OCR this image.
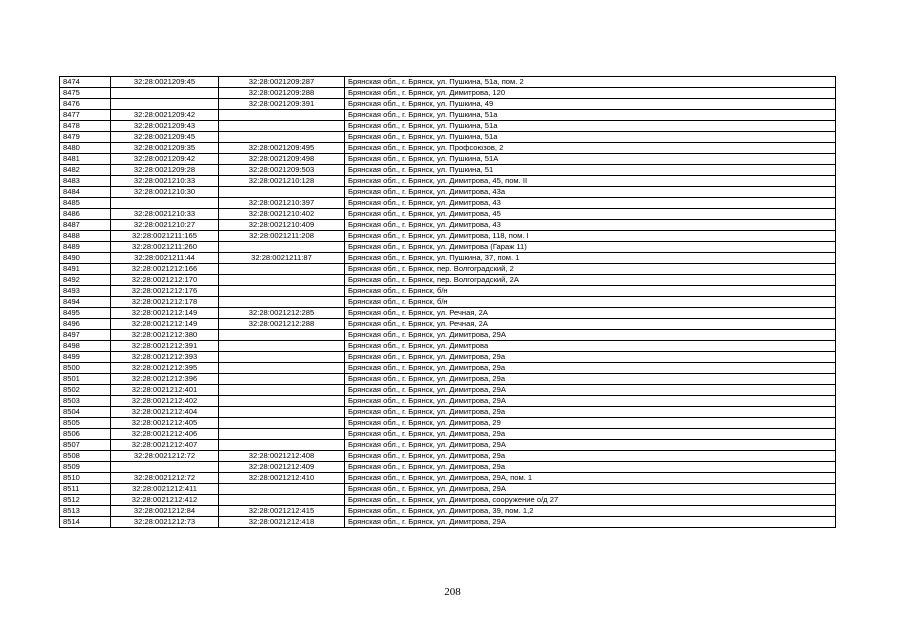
8474	32:28:0021209:45	32:28:0021209:287	Брянская обл., г. Брянск, ул. Пушкина, 51а, пом. 2
8475		32:28:0021209:288	Брянская обл., г. Брянск, ул. Димитрова, 120
8476		32:28:0021209:391	Брянская обл., г. Брянск, ул. Пушкина, 49
8477	32:28:0021209:42		Брянская обл., г. Брянск, ул. Пушкина, 51а
8478	32:28:0021209:43		Брянская обл., г. Брянск, ул. Пушкина, 51а
8479	32:28:0021209:45		Брянская обл., г. Брянск, ул. Пушкина, 51а
8480	32:28:0021209:35	32:28:0021209:495	Брянская обл., г. Брянск, ул. Профсоюзов, 2
8481	32:28:0021209:42	32:28:0021209:498	Брянская обл., г. Брянск, ул. Пушкина, 51А
8482	32:28:0021209:28	32:28:0021209:503	Брянская обл., г. Брянск, ул. Пушкина, 51
8483	32:28:0021210:33	32:28:0021210:128	Брянская обл., г. Брянск, ул. Димитрова, 45, пом. II
8484	32:28:0021210:30		Брянская обл., г. Брянск, ул. Димитрова, 43а
8485		32:28:0021210:397	Брянская обл., г. Брянск, ул. Димитрова, 43
8486	32:28:0021210:33	32:28:0021210:402	Брянская обл., г. Брянск, ул. Димитрова, 45
8487	32:28:0021210:27	32:28:0021210:409	Брянская обл., г. Брянск, ул. Димитрова, 43
8488	32:28:0021211:165	32:28:0021211:208	Брянская обл., г. Брянск, ул. Димитрова, 118, пом. I
8489	32:28:0021211:260		Брянская обл., г. Брянск, ул. Димитрова (Гараж 11)
8490	32:28:0021211:44	32:28:0021211:87	Брянская обл., г. Брянск, ул. Пушкина, 37, пом. 1
8491	32:28:0021212:166		Брянская обл., г. Брянск, пер. Волгоградский, 2
8492	32:28:0021212:170		Брянская обл., г. Брянск, пер. Волгоградский, 2А
8493	32:28:0021212:176		Брянская обл., г. Брянск, б/н
8494	32:28:0021212:178		Брянская обл., г. Брянск, б/н
8495	32:28:0021212:149	32:28:0021212:285	Брянская обл., г. Брянск, ул. Речная, 2А
8496	32:28:0021212:149	32:28:0021212:288	Брянская обл., г. Брянск, ул. Речная, 2А
8497	32:28:0021212:380		Брянская обл., г. Брянск, ул. Димитрова, 29А
8498	32:28:0021212:391		Брянская обл., г. Брянск, ул. Димитрова
8499	32:28:0021212:393		Брянская обл., г. Брянск, ул. Димитрова, 29а
8500	32:28:0021212:395		Брянская обл., г. Брянск, ул. Димитрова, 29а
8501	32:28:0021212:396		Брянская обл., г. Брянск, ул. Димитрова, 29а
8502	32:28:0021212:401		Брянская обл., г. Брянск, ул. Димитрова, 29А
8503	32:28:0021212:402		Брянская обл., г. Брянск, ул. Димитрова, 29А
8504	32:28:0021212:404		Брянская обл., г. Брянск, ул. Димитрова, 29а
8505	32:28:0021212:405		Брянская обл., г. Брянск, ул. Димитрова, 29
8506	32:28:0021212:406		Брянская обл., г. Брянск, ул. Димитрова, 29а
8507	32:28:0021212:407		Брянская обл., г. Брянск, ул. Димитрова, 29А
8508	32:28:0021212:72	32:28:0021212:408	Брянская обл., г. Брянск, ул. Димитрова, 29а
8509		32:28:0021212:409	Брянская обл., г. Брянск, ул. Димитрова, 29а
8510	32:28:0021212:72	32:28:0021212:410	Брянская обл., г. Брянск, ул. Димитрова, 29А, пом. 1
8511	32:28:0021212:411		Брянская обл., г. Брянск, ул. Димитрова, 29А
8512	32:28:0021212:412		Брянская обл., г. Брянск, ул. Димитрова, сооружение о/д 27
8513	32:28:0021212:84	32:28:0021212:415	Брянская обл., г. Брянск, ул. Димитрова, 39, пом. 1,2
8514	32:28:0021212:73	32:28:0021212:418	Брянская обл., г. Брянск, ул. Димитрова, 29А
208
